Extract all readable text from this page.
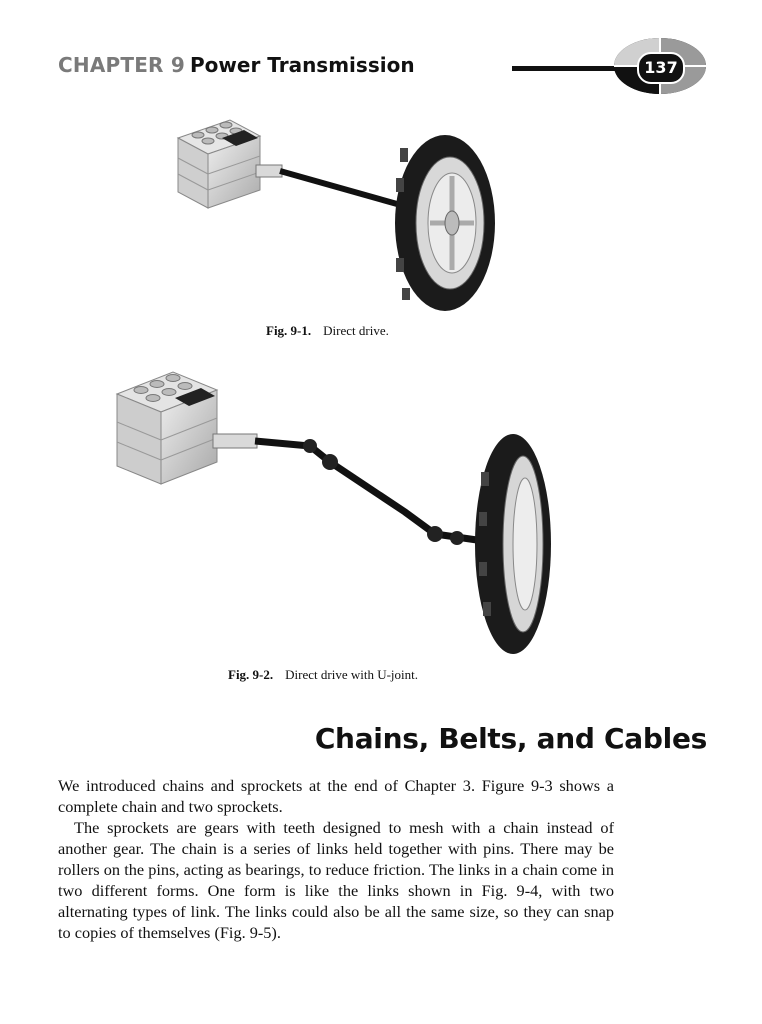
CHAPTER 9 Power Transmission	137
Fig. 9-1. Direct drive.
Fig. 9-2. Direct drive with U-joint.
Chains, Belts, and Cables

We introduced chains and sprockets at the end of Chapter 3. Figure 9-3 shows a complete chain and two sprockets.

The sprockets are gears with teeth designed to mesh with a chain instead of another gear. The chain is a series of links held together with pins. There may be rollers on the pins, acting as bearings, to reduce friction. The links in a chain come in two different forms. One form is like the links shown in Fig. 9-4, with two alternating types of link. The links could also be all the same size, so they can snap to copies of themselves (Fig. 9-5).
